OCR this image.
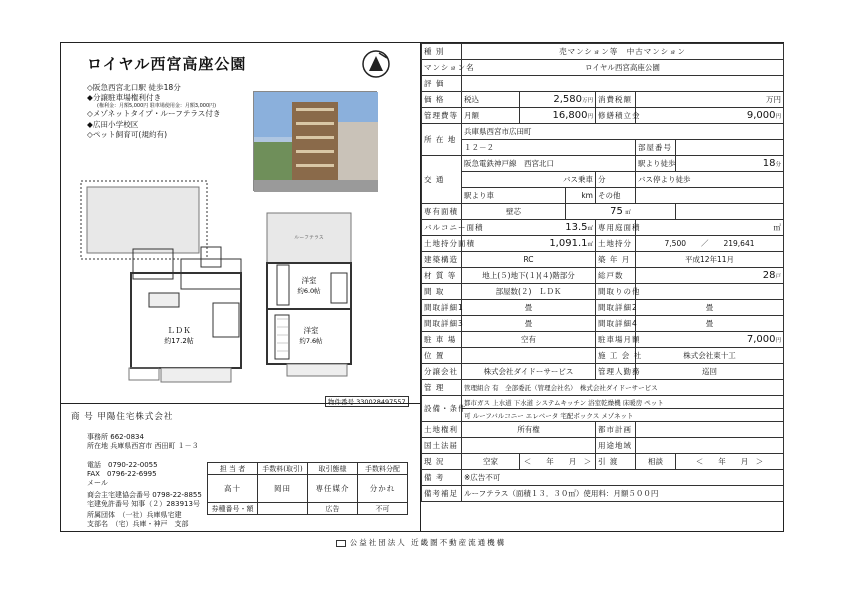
ロイヤル西宮高座公園
◇阪急西宮北口駅 徒歩18分
◆分譲駐車場権利付き
(権利金：月額5,000円 駐車場使用金：月額3,000円)
◇メゾネットタイプ・ルーフテラス付き
◆広田小学校区
◇ペット飼育可(規約有)
ＬＤＫ
約17.2帖
洋室
約6.0帖
洋室
約7.6帖
ルーフテラス
物件番号 330028497557
商 号 甲陽住宅株式会社
事務所 662-0834
所在地 兵庫県西宮市 西田町 １－３
電話　0790-22-0055
FAX　0796-22-6995
メール
商会主宅建協会番号 0798-22-8855
宅建免許番号 知事（２）283913号
所属団体　（一社）兵庫県宅建
支部名　（宅）兵庫・神戸　支部
担 当 者	手数料(取引)	取引態様	手数料分配
高十	岡田	専任媒介	分かれ
券種番号・額		広告	不可
種 別	売マンション等　中古マンション					
マンション名	ロイヤル西宮高座公園					
評 価						
価 格	税込	2,580万円		消費税額	万円	
管理費等	月額	16,800円		修繕積立金	9,000円	
所 在 地	兵庫県西宮市広田町					
	１２－２				部屋番号	
交 通	阪急電鉄神戸線　西宮北口				駅より徒歩	18分
	バス乗車			分	バス停より徒歩	
	駅より車		km	その他		
専有面積	壁芯		75 ㎡			
バルコニー面積	13.5㎡			専用庭面積	㎡	
土地持分面積	1,091.1㎡			土地持分	7,500　　／　　219,641	
建築構造	RC			築 年 月	平成12年11月	
材 質 等	地上(５)地下(１)(４)階部分			総戸数	28戸	
間 取	部屋数(２)　ＬＤＫ			間取りの他		
間取詳細1	畳			間取詳細2	畳	
間取詳細3	畳			間取詳細4	畳	
駐 車 場	空有			駐車場月額	7,000円	
位 置				施 工 会 社	株式会社東十工	
分譲会社	株式会社ダイドーサービス			管理人勤務	巡回	
管 理	管理組合 有　全部委託（管理会社名）　株式会社ダイドーサービス					
設備・条件	都市ガス 上水道 下水道 システムキッチン 浴室乾燥機 床暖房 ペット					
	可 ルーフバルコニー エレベータ 宅配ボックス メゾネット					
土地権利	所有権			都市計画		
国土法届				用途地域		
現 況	空家	＜　　年　　月　＞		引 渡	相談	＜　　年　　月　＞
備 考	※広告不可					
備考補足	ルーフテラス（面積１３．３０㎡）使用料：月額５００円					
公益社団法人 近畿圏不動産流通機構
